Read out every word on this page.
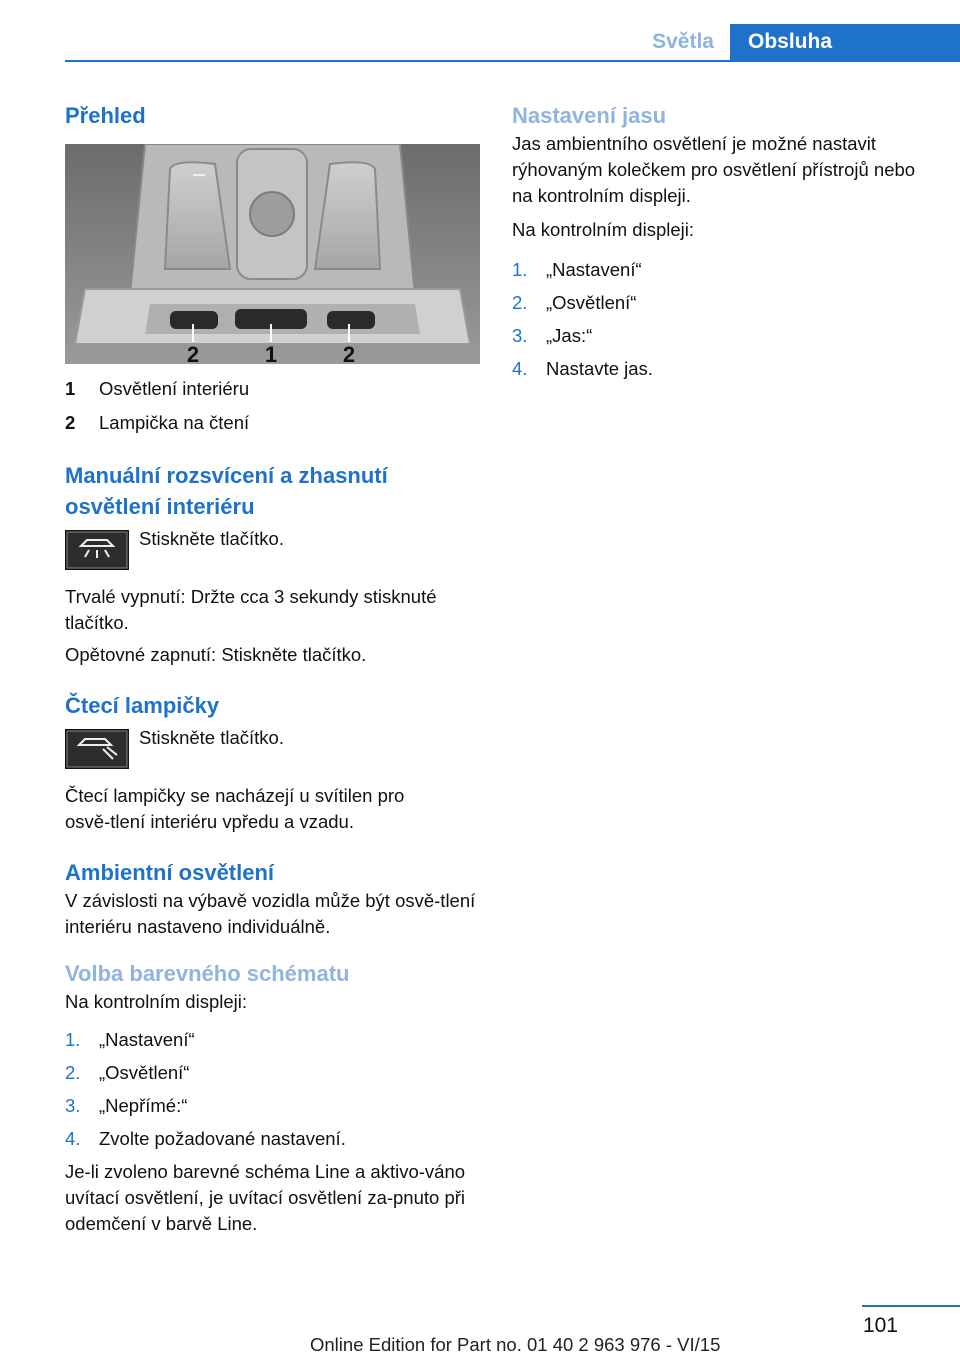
Světla	Obsluha
Přehled
2	1	2
1	Osvětlení interiéru
2	Lampička na čtení
Manuální rozsvícení a zhasnutí osvětlení interiéru

Stiskněte tlačítko.

Trvalé vypnutí: Držte cca 3 sekundy stisknuté tlačítko.

Opětovné zapnutí: Stiskněte tlačítko.

Čtecí lampičky

Stiskněte tlačítko.

Čtecí lampičky se nacházejí u svítilen pro osvě‑tlení interiéru vpředu a vzadu.

Ambientní osvětlení

V závislosti na výbavě vozidla může být osvě‑tlení interiéru nastaveno individuálně.

Volba barevného schématu

Na kontrolním displeji:

1.	„Nastavení“
2.	„Osvětlení“
3.	„Nepřímé:“
4.	Zvolte požadované nastavení.

Je-li zvoleno barevné schéma Line a aktivo‑váno uvítací osvětlení, je uvítací osvětlení za‑pnuto při odemčení v barvě Line.

Nastavení jasu

Jas ambientního osvětlení je možné nastavit rýhovaným kolečkem pro osvětlení přístrojů nebo na kontrolním displeji.

Na kontrolním displeji:

1.	„Nastavení“
2.	„Osvětlení“
3.	„Jas:“
4.	Nastavte jas.
101
Online Edition for Part no. 01 40 2 963 976 - VI/15
